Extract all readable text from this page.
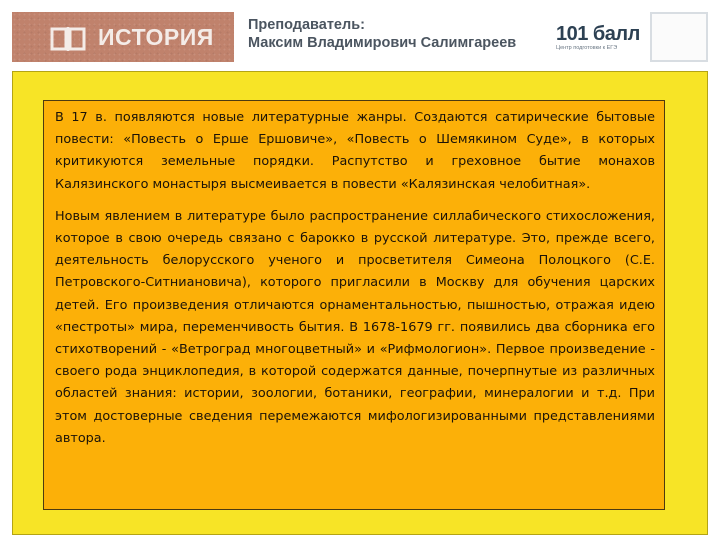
ИСТОРИЯ Преподаватель:
Максим Владимирович Салимгареев 101 балл
Центр подготовки к ЕГЭ

В 17 в. появляются новые литературные жанры. Создаются сатирические бытовые повести: «Повесть о Ерше Ершовиче», «Повесть о Шемякином Суде», в которых критикуются земельные порядки. Распутство и греховное бытие монахов Калязинского монастыря высмеивается в повести «Калязинская челобитная».

Новым явлением в литературе было распространение силлабического стихосложения, которое в свою очередь связано с барокко в русской литературе. Это, прежде всего, деятельность белорусского ученого и просветителя Симеона Полоцкого (С.Е. Петровского-Ситниановича), которого пригласили в Москву для обучения царских детей. Его произведения отличаются орнаментальностью, пышностью, отражая идею «пестроты» мира, переменчивость бытия. В 1678-1679 гг. появились два сборника его стихотворений - «Ветроград многоцветный» и «Рифмологион». Первое произведение - своего рода энциклопедия, в которой содержатся данные, почерпнутые из различных областей знания: истории, зоологии, ботаники, географии, минералогии и т.д. При этом достоверные сведения перемежаются мифологизированными представлениями автора.
